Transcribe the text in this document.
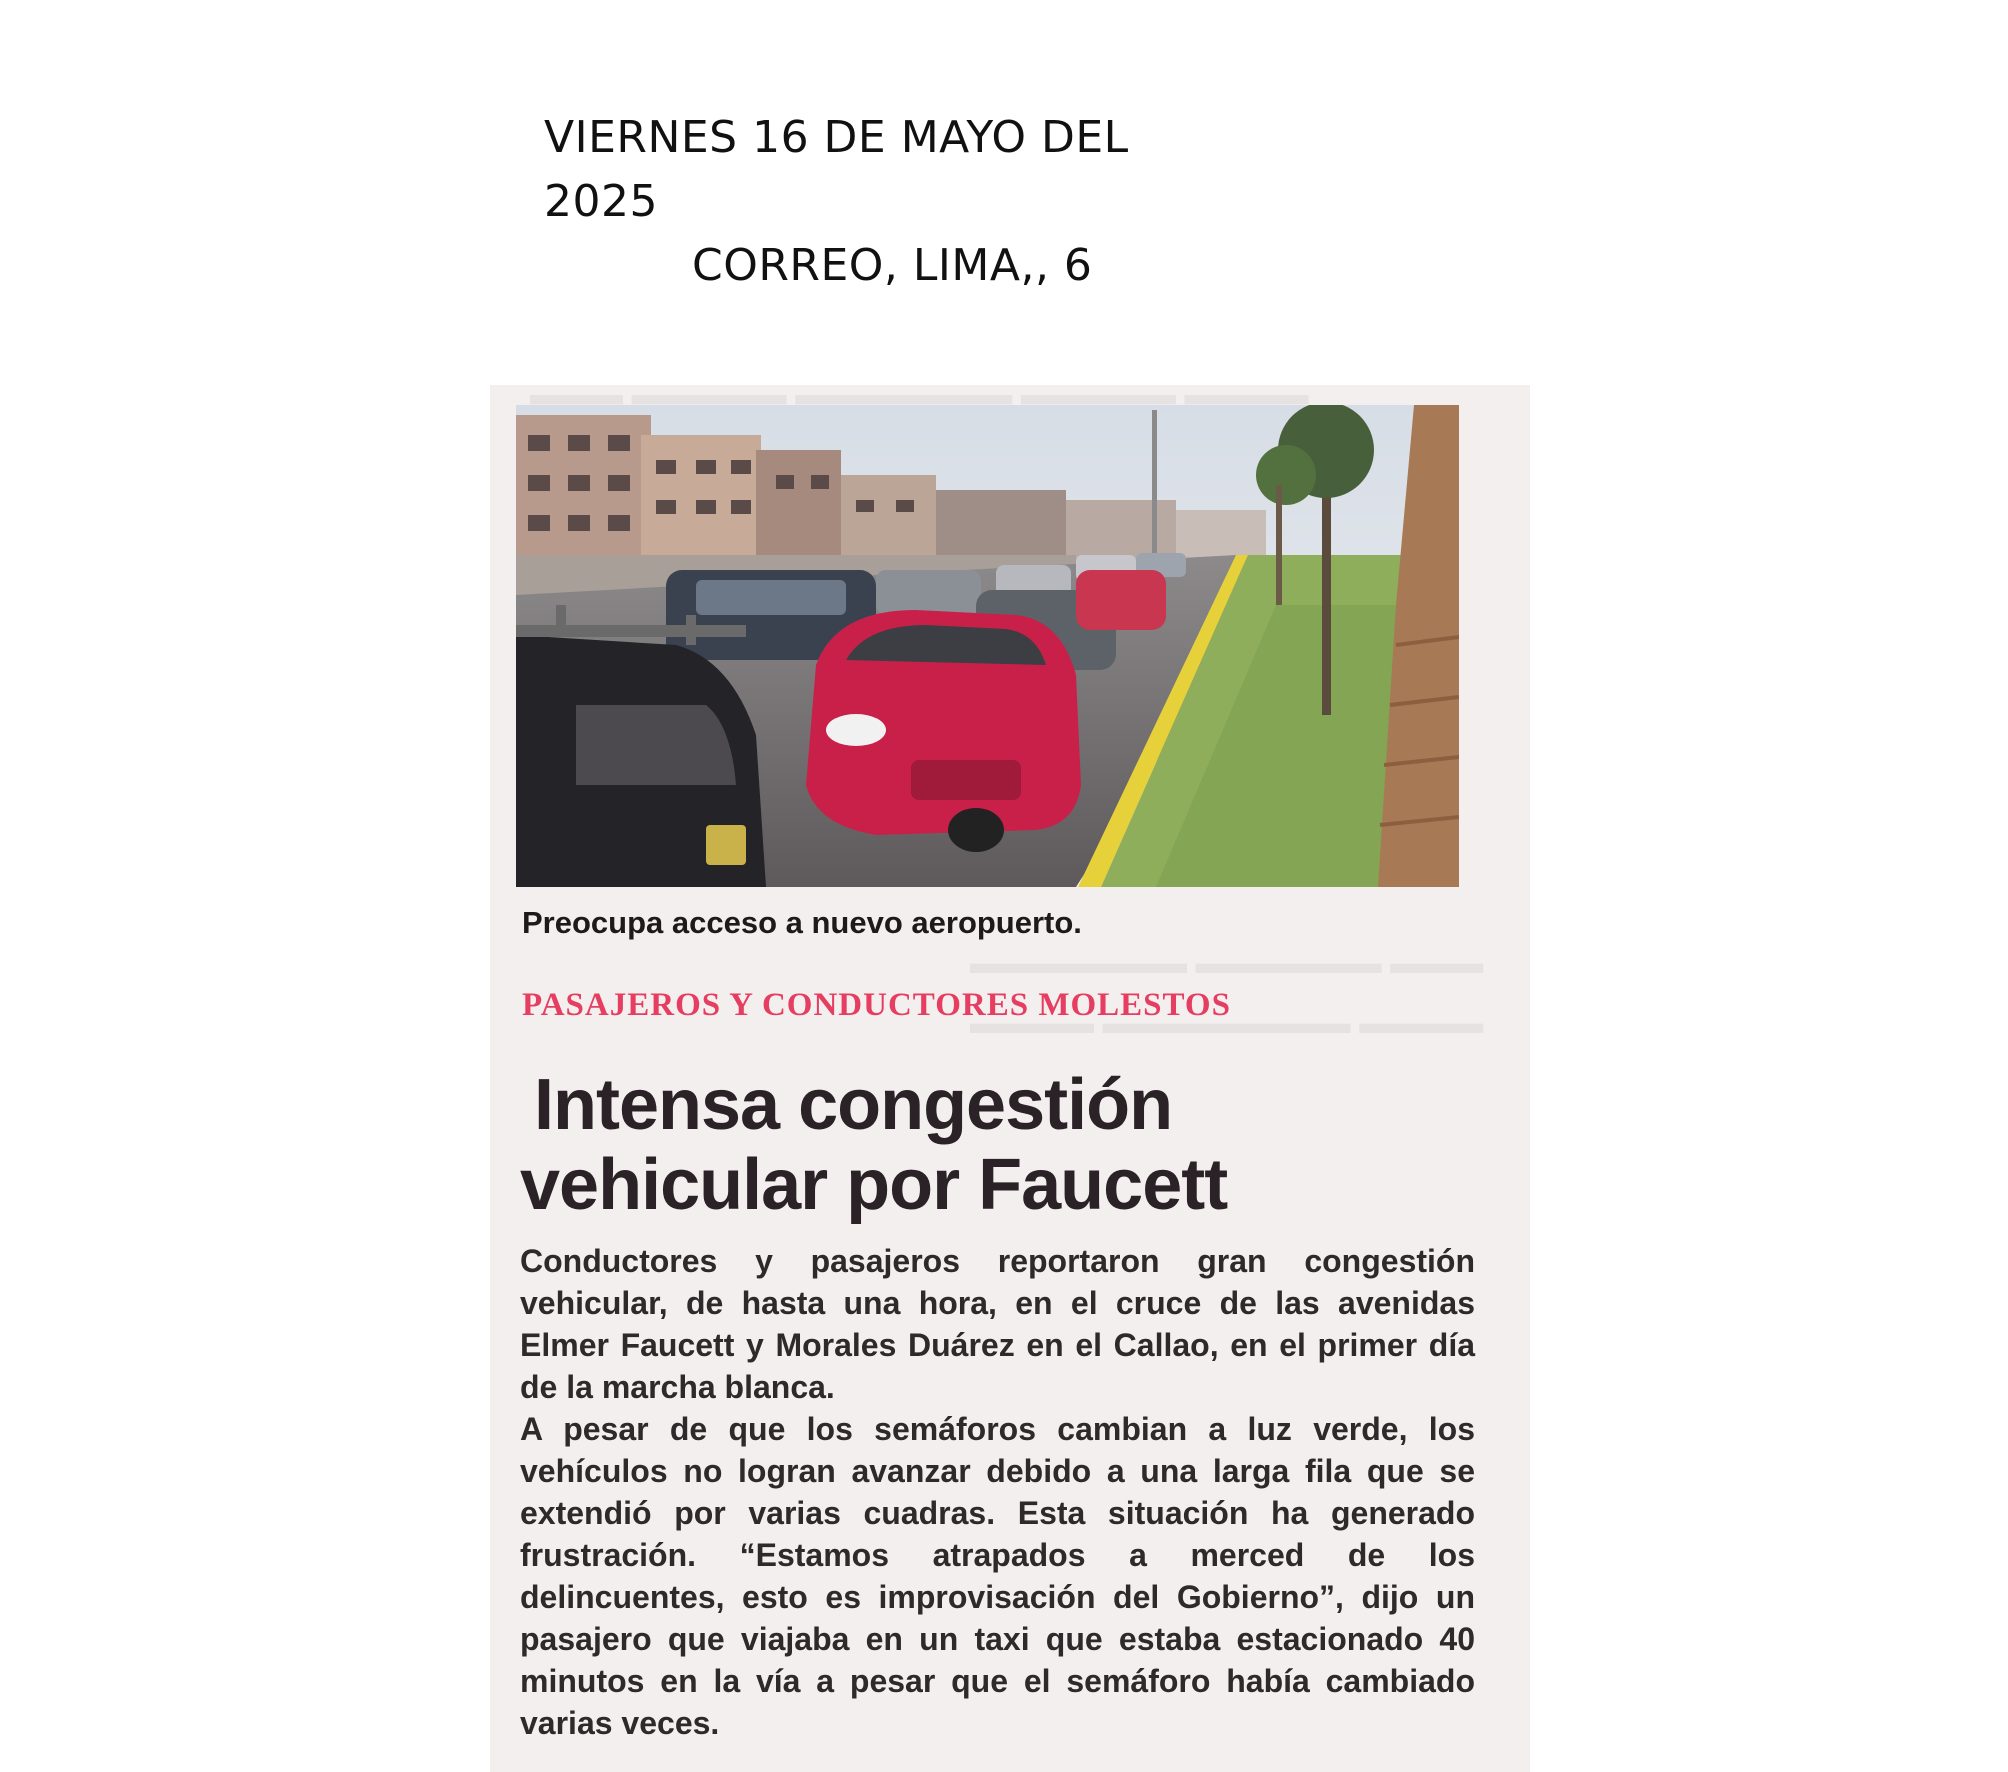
VIERNES 16 DE MAYO DEL 2025
CORREO, LIMA,, 6
▬▬▬▬▬▬▬ ▬▬▬▬▬▬ ▬▬▬
▬▬▬▬ ▬▬▬▬▬▬▬▬ ▬▬▬▬
Preocupa acceso a nuevo aeropuerto.
PASAJEROS Y CONDUCTORES MOLESTOS
Intensa congestión
vehicular por Faucett

Conductores y pasajeros reportaron gran congestión vehicular, de hasta una hora, en el cruce de las avenidas Elmer Faucett y Morales Duárez en el Callao, en el primer día de la marcha blanca.

A pesar de que los semáforos cambian a luz verde, los vehículos no logran avanzar debido a una larga fila que se extendió por varias cuadras. Esta situación ha generado frustración. “Estamos atrapados a merced de los delincuentes, esto es improvisación del Gobierno”, dijo un pasajero que viajaba en un taxi que estaba estacionado 40 minutos en la vía a pesar que el semáforo había cambiado varias veces.
